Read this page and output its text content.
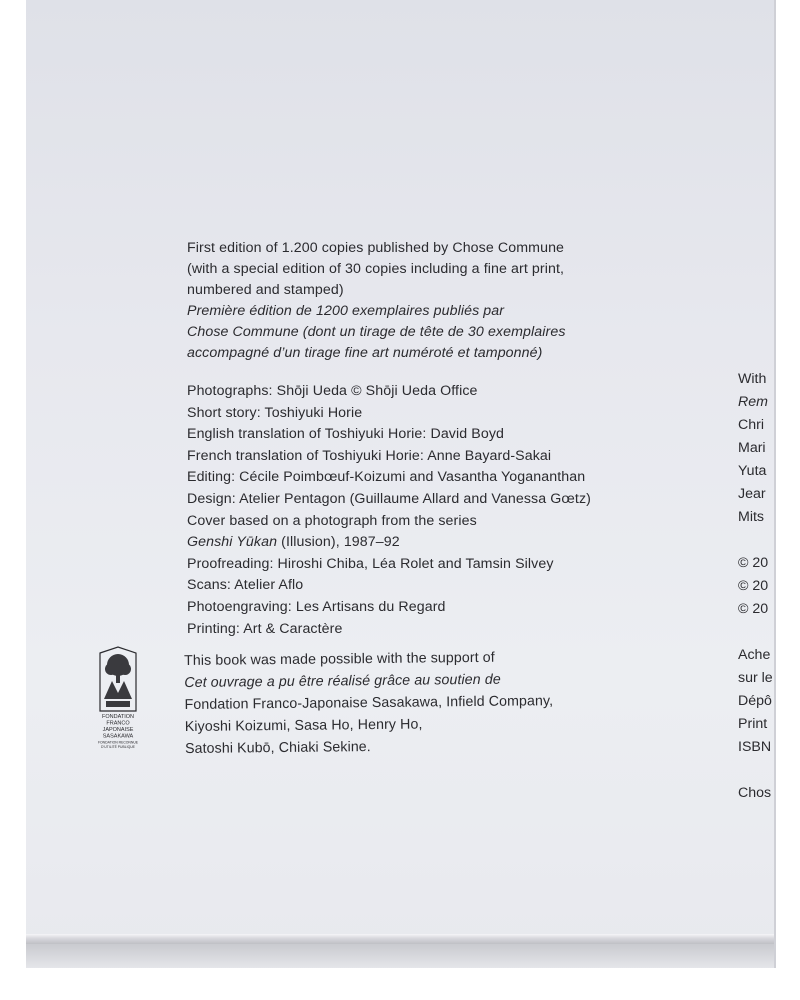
First edition of 1.200 copies published by Chose Commune
(with a special edition of 30 copies including a fine art print,
numbered and stamped)
Première édition de 1200 exemplaires publiés par
Chose Commune (dont un tirage de tête de 30 exemplaires
accompagné d’un tirage fine art numéroté et tamponné)
Photographs: Shōji Ueda © Shōji Ueda Office
Short story: Toshiyuki Horie
English translation of Toshiyuki Horie: David Boyd
French translation of Toshiyuki Horie: Anne Bayard-Sakai
Editing: Cécile Poimbœuf-Koizumi and Vasantha Yogananthan
Design: Atelier Pentagon (Guillaume Allard and Vanessa Gœtz)
Cover based on a photograph from the series
Genshi Yūkan (Illusion), 1987–92
Proofreading: Hiroshi Chiba, Léa Rolet and Tamsin Silvey
Scans: Atelier Aflo
Photoengraving: Les Artisans du Regard
Printing: Art & Caractère
FONDATION
FRANCO
JAPONAISE
SASAKAWA
FONDATION RECONNUE
D’UTILITÉ PUBLIQUE
This book was made possible with the support of
Cet ouvrage a pu être réalisé grâce au soutien de
Fondation Franco-Japonaise Sasakawa, Infield Company,
Kiyoshi Koizumi, Sasa Ho, Henry Ho,
Satoshi Kubō, Chiaki Sekine.
With
Rem
Chri
Mari
Yuta
Jear
Mits
© 20
© 20
© 20
Ache
sur le
Dépô
Print
ISBN
Chos
